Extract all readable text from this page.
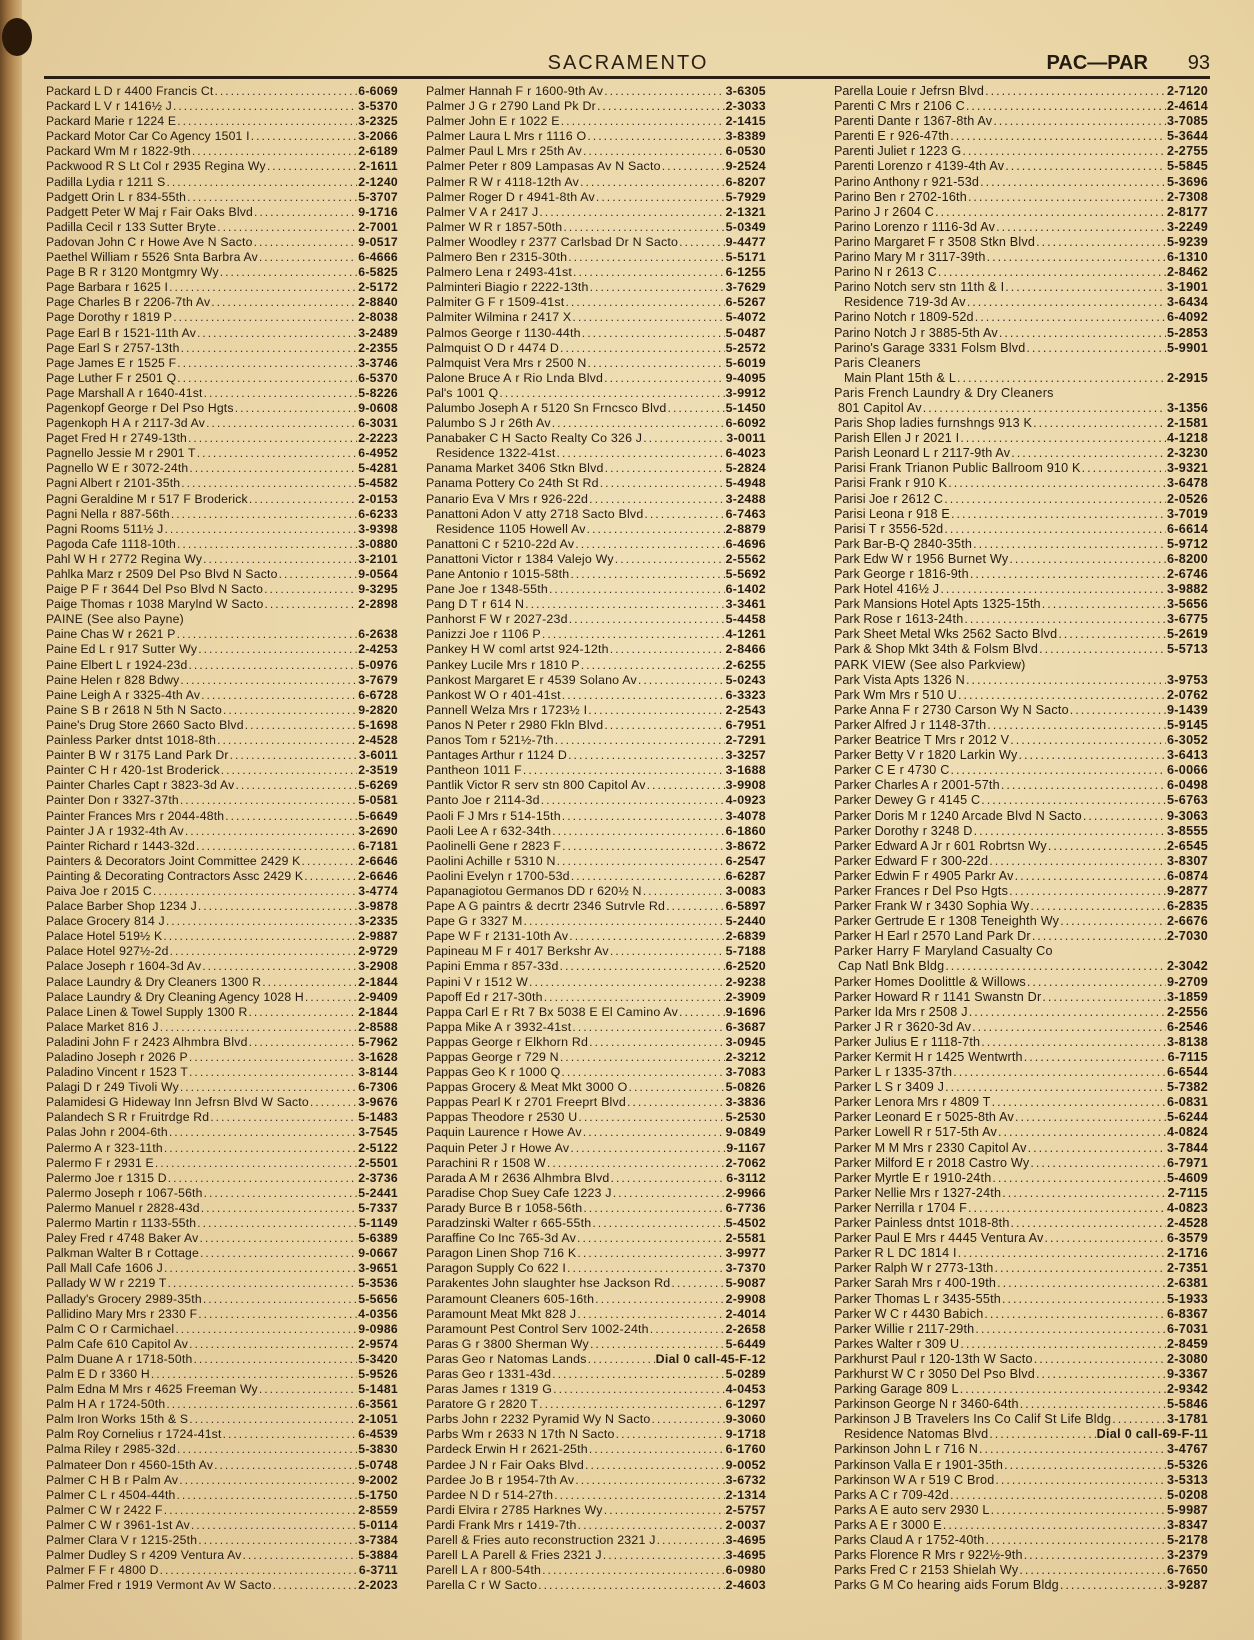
SACRAMENTO	PAC—PAR 93
Packard L D r 4400 Francis Ct .....	6-6069
Packard L V r 1416½ J .....	3-5370
Packard Marie r 1224 E .....	3-2325
Packard Motor Car Co Agency 1501 I .....	3-2066
Packard Wm M r 1822-9th .....	2-6189
Packwood R S Lt Col r 2935 Regina Wy .....	2-1611
Padilla Lydia r 1211 S .....	2-1240
Padgett Orin L r 834-55th .....	5-3707
Padgett Peter W Maj r Fair Oaks Blvd .....	9-1716
Padilla Cecil r 133 Sutter Bryte .....	2-7001
Padovan John C r Howe Ave N Sacto .....	9-0517
Paethel William r 5526 Snta Barbra Av .....	6-4666
Page B R r 3120 Montgmry Wy .....	6-5825
Page Barbara r 1625 I .....	2-5172
Page Charles B r 2206-7th Av .....	2-8840
Page Dorothy r 1819 P .....	2-8038
Page Earl B r 1521-11th Av .....	3-2489
Page Earl S r 2757-13th .....	2-2355
Page James E r 1525 F .....	3-3746
Page Luther F r 2501 Q .....	6-5370
Page Marshall A r 1640-41st .....	5-8226
Pagenkopf George r Del Pso Hgts .....	9-0608
Pagenkoph H A r 2117-3d Av .....	6-3031
Paget Fred H r 2749-13th .....	2-2223
Pagnello Jessie M r 2901 T .....	6-4952
Pagnello W E r 3072-24th .....	5-4281
Pagni Albert r 2101-35th .....	5-4582
Pagni Geraldine M r 517 F Broderick .....	2-0153
Pagni Nella r 887-56th .....	6-6233
Pagni Rooms 511½ J .....	3-9398
Pagoda Cafe 1118-10th .....	3-0880
Pahl W H r 2772 Regina Wy .....	3-2101
Pahlka Marz r 2509 Del Pso Blvd N Sacto .....	9-0564
Paige P F r 3644 Del Pso Blvd N Sacto .....	9-3295
Paige Thomas r 1038 Marylnd W Sacto .....	2-2898
PAINE (See also Payne)
Paine Chas W r 2621 P .....	6-2638
Paine Ed L r 917 Sutter Wy .....	2-4253
Paine Elbert L r 1924-23d .....	5-0976
Paine Helen r 828 Bdwy .....	3-7679
Paine Leigh A r 3325-4th Av .....	6-6728
Paine S B r 2618 N 5th N Sacto .....	9-2820
Paine's Drug Store 2660 Sacto Blvd .....	5-1698
Painless Parker dntst 1018-8th .....	2-4528
Painter B W r 3175 Land Park Dr .....	3-6011
Painter C H r 420-1st Broderick .....	2-3519
Painter Charles Capt r 3823-3d Av .....	5-6269
Painter Don r 3327-37th .....	5-0581
Painter Frances Mrs r 2044-48th .....	5-6649
Painter J A r 1932-4th Av .....	3-2690
Painter Richard r 1443-32d .....	6-7181
Painters & Decorators Joint Committee 2429 K .....	2-6646
Painting & Decorating Contractors Assc 2429 K .....	2-6646
Paiva Joe r 2015 C .....	3-4774
Palace Barber Shop 1234 J .....	3-9878
Palace Grocery 814 J .....	3-2335
Palace Hotel 519½ K .....	2-9887
Palace Hotel 927½-2d .....	2-9729
Palace Joseph r 1604-3d Av .....	3-2908
Palace Laundry & Dry Cleaners 1300 R .....	2-1844
Palace Laundry & Dry Cleaning Agency 1028 H .....	2-9409
Palace Linen & Towel Supply 1300 R .....	2-1844
Palace Market 816 J .....	2-8588
Paladini John F r 2423 Alhmbra Blvd .....	5-7962
Paladino Joseph r 2026 P .....	3-1628
Paladino Vincent r 1523 T .....	3-8144
Palagi D r 249 Tivoli Wy .....	6-7306
Palamidesi G Hideway Inn Jefrsn Blvd W Sacto .....	3-9676
Palandech S R r Fruitrdge Rd .....	5-1483
Palas John r 2004-6th .....	3-7545
Palermo A r 323-11th .....	2-5122
Palermo F r 2931 E .....	2-5501
Palermo Joe r 1315 D .....	2-3736
Palermo Joseph r 1067-56th .....	5-2441
Palermo Manuel r 2828-43d .....	5-7337
Palermo Martin r 1133-55th .....	5-1149
Paley Fred r 4748 Baker Av .....	5-6389
Palkman Walter B r Cottage .....	9-0667
Pall Mall Cafe 1606 J .....	3-9651
Pallady W W r 2219 T .....	5-3536
Pallady's Grocery 2989-35th .....	5-5656
Pallidino Mary Mrs r 2330 F .....	4-0356
Palm C O r Carmichael .....	9-0986
Palm Cafe 610 Capitol Av .....	2-9574
Palm Duane A r 1718-50th .....	5-3420
Palm E D r 3360 H .....	5-9526
Palm Edna M Mrs r 4625 Freeman Wy .....	5-1481
Palm H A r 1724-50th .....	6-3561
Palm Iron Works 15th & S .....	2-1051
Palm Roy Cornelius r 1724-41st .....	6-4539
Palma Riley r 2985-32d .....	5-3830
Palmateer Don r 4560-15th Av .....	5-0748
Palmer C H B r Palm Av .....	9-2002
Palmer C L r 4504-44th .....	5-1750
Palmer C W r 2422 F .....	2-8559
Palmer C W r 3961-1st Av .....	5-0114
Palmer Clara V r 1215-25th .....	3-7384
Palmer Dudley S r 4209 Ventura Av .....	5-3884
Palmer F F r 4800 D .....	6-3711
Palmer Fred r 1919 Vermont Av W Sacto .....	2-2023
Palmer Hannah F r 1600-9th Av .....	3-6305
Palmer J G r 2790 Land Pk Dr .....	2-3033
Palmer John E r 1022 E .....	2-1415
Palmer Laura L Mrs r 1116 O .....	3-8389
Palmer Paul L Mrs r 25th Av .....	6-0530
Palmer Peter r 809 Lampasas Av N Sacto .....	9-2524
Palmer R W r 4118-12th Av .....	6-8207
Palmer Roger D r 4941-8th Av .....	5-7929
Palmer V A r 2417 J .....	2-1321
Palmer W R r 1857-50th .....	5-0349
Palmer Woodley r 2377 Carlsbad Dr N Sacto .....	9-4477
Palmero Ben r 2315-30th .....	5-5171
Palmero Lena r 2493-41st .....	6-1255
Palminteri Biagio r 2222-13th .....	3-7629
Palmiter G F r 1509-41st .....	6-5267
Palmiter Wilmina r 2417 X .....	5-4072
Palmos George r 1130-44th .....	5-0487
Palmquist O D r 4474 D .....	5-2572
Palmquist Vera Mrs r 2500 N .....	5-6019
Palone Bruce A r Rio Lnda Blvd .....	9-4095
Pal's 1001 Q .....	3-9912
Palumbo Joseph A r 5120 Sn Frncsco Blvd .....	5-1450
Palumbo S J r 26th Av .....	6-6092
Panabaker C H Sacto Realty Co 326 J .....	3-0011
Residence 1322-41st .....	6-4023
Panama Market 3406 Stkn Blvd .....	5-2824
Panama Pottery Co 24th St Rd .....	5-4948
Panario Eva V Mrs r 926-22d .....	3-2488
Panattoni Adon V atty 2718 Sacto Blvd .....	6-7463
Residence 1105 Howell Av .....	2-8879
Panattoni C r 5210-22d Av .....	6-4696
Panattoni Victor r 1384 Valejo Wy .....	2-5562
Pane Antonio r 1015-58th .....	5-5692
Pane Joe r 1348-55th .....	6-1402
Pang D T r 614 N .....	3-3461
Panhorst F W r 2027-23d .....	5-4458
Panizzi Joe r 1106 P .....	4-1261
Pankey H W coml artst 924-12th .....	2-8466
Pankey Lucile Mrs r 1810 P .....	2-6255
Pankost Margaret E r 4539 Solano Av .....	5-0243
Pankost W O r 401-41st .....	6-3323
Pannell Welza Mrs r 1723½ I .....	2-2543
Panos N Peter r 2980 Fkln Blvd .....	6-7951
Panos Tom r 521½-7th .....	2-7291
Pantages Arthur r 1124 D .....	3-3257
Pantheon 1011 F .....	3-1688
Pantlik Victor R serv stn 800 Capitol Av .....	3-9908
Panto Joe r 2114-3d .....	4-0923
Paoli F J Mrs r 514-15th .....	3-4078
Paoli Lee A r 632-34th .....	6-1860
Paolinelli Gene r 2823 F .....	3-8672
Paolini Achille r 5310 N .....	6-2547
Paolini Evelyn r 1700-53d .....	6-6287
Papanagiotou Germanos DD r 620½ N .....	3-0083
Pape A G paintrs & decrtr 2346 Sutrvle Rd .....	6-5897
Pape G r 3327 M .....	5-2440
Pape W F r 2131-10th Av .....	2-6839
Papineau M F r 4017 Berkshr Av .....	5-7188
Papini Emma r 857-33d .....	6-2520
Papini V r 1512 W .....	2-9238
Papoff Ed r 217-30th .....	2-3909
Pappa Carl E r Rt 7 Bx 5038 E El Camino Av .....	9-1696
Pappa Mike A r 3932-41st .....	6-3687
Pappas George r Elkhorn Rd .....	3-0945
Pappas George r 729 N .....	2-3212
Pappas Geo K r 1000 Q .....	3-7083
Pappas Grocery & Meat Mkt 3000 O .....	5-0826
Pappas Pearl K r 2701 Freeprt Blvd .....	3-3836
Pappas Theodore r 2530 U .....	5-2530
Paquin Laurence r Howe Av .....	9-0849
Paquin Peter J r Howe Av .....	9-1167
Parachini R r 1508 W .....	2-7062
Parada A M r 2636 Alhmbra Blvd .....	6-3112
Paradise Chop Suey Cafe 1223 J .....	2-9966
Parady Burce B r 1058-56th .....	6-7736
Paradzinski Walter r 665-55th .....	5-4502
Paraffine Co Inc 765-3d Av .....	2-5581
Paragon Linen Shop 716 K .....	3-9977
Paragon Supply Co 622 I .....	3-7370
Parakentes John slaughter hse Jackson Rd .....	5-9087
Paramount Cleaners 605-16th .....	2-9908
Paramount Meat Mkt 828 J .....	2-4014
Paramount Pest Control Serv 1002-24th .....	2-2658
Paras G r 3800 Sherman Wy .....	5-6449
Paras Geo r Natomas Lands .....	Dial 0 call-45-F-12
Paras Geo r 1331-43d .....	5-0289
Paras James r 1319 G .....	4-0453
Paratore G r 2820 T .....	6-1297
Parbs John r 2232 Pyramid Wy N Sacto .....	9-3060
Parbs Wm r 2633 N 17th N Sacto .....	9-1718
Pardeck Erwin H r 2621-25th .....	6-1760
Pardee J N r Fair Oaks Blvd .....	9-0052
Pardee Jo B r 1954-7th Av .....	3-6732
Pardee N D r 514-27th .....	2-1314
Pardi Elvira r 2785 Harknes Wy .....	2-5757
Pardi Frank Mrs r 1419-7th .....	2-0037
Parell & Fries auto reconstruction 2321 J .....	3-4695
Parell L A Parell & Fries 2321 J .....	3-4695
Parell L A r 800-54th .....	6-0980
Parella C r W Sacto .....	2-4603
Parella Louie r Jefrsn Blvd .....	2-7120
Parenti C Mrs r 2106 C .....	2-4614
Parenti Dante r 1367-8th Av .....	3-7085
Parenti E r 926-47th .....	5-3644
Parenti Juliet r 1223 G .....	2-2755
Parenti Lorenzo r 4139-4th Av .....	5-5845
Parino Anthony r 921-53d .....	5-3696
Parino Ben r 2702-16th .....	2-7308
Parino J r 2604 C .....	2-8177
Parino Lorenzo r 1116-3d Av .....	3-2249
Parino Margaret F r 3508 Stkn Blvd .....	5-9239
Parino Mary M r 3117-39th .....	6-1310
Parino N r 2613 C .....	2-8462
Parino Notch serv stn 11th & I .....	3-1901
Residence 719-3d Av .....	3-6434
Parino Notch r 1809-52d .....	6-4092
Parino Notch J r 3885-5th Av .....	5-2853
Parino's Garage 3331 Folsm Blvd .....	5-9901
Paris Cleaners
Main Plant 15th & L .....	2-2915
Paris French Laundry & Dry Cleaners
801 Capitol Av .....	3-1356
Paris Shop ladies furnshngs 913 K .....	2-1581
Parish Ellen J r 2021 I .....	4-1218
Parish Leonard L r 2117-9th Av .....	2-3230
Parisi Frank Trianon Public Ballroom 910 K .....	3-9321
Parisi Frank r 910 K .....	3-6478
Parisi Joe r 2612 C .....	2-0526
Parisi Leona r 918 E .....	3-7019
Parisi T r 3556-52d .....	6-6614
Park Bar-B-Q 2840-35th .....	5-9712
Park Edw W r 1956 Burnet Wy .....	6-8200
Park George r 1816-9th .....	2-6746
Park Hotel 416½ J .....	3-9882
Park Mansions Hotel Apts 1325-15th .....	3-5656
Park Rose r 1613-24th .....	3-6775
Park Sheet Metal Wks 2562 Sacto Blvd .....	5-2619
Park & Shop Mkt 34th & Folsm Blvd .....	5-5713
PARK VIEW (See also Parkview)
Park Vista Apts 1326 N .....	3-9753
Park Wm Mrs r 510 U .....	2-0762
Parke Anna F r 2730 Carson Wy N Sacto .....	9-1439
Parker Alfred J r 1148-37th .....	5-9145
Parker Beatrice T Mrs r 2012 V .....	6-3052
Parker Betty V r 1820 Larkin Wy .....	3-6413
Parker C E r 4730 C .....	6-0066
Parker Charles A r 2001-57th .....	6-0498
Parker Dewey G r 4145 C .....	5-6763
Parker Doris M r 1240 Arcade Blvd N Sacto .....	9-3063
Parker Dorothy r 3248 D .....	3-8555
Parker Edward A Jr r 601 Robrtsn Wy .....	2-6545
Parker Edward F r 300-22d .....	3-8307
Parker Edwin F r 4905 Parkr Av .....	6-0874
Parker Frances r Del Pso Hgts .....	9-2877
Parker Frank W r 3430 Sophia Wy .....	6-2835
Parker Gertrude E r 1308 Teneighth Wy .....	2-6676
Parker H Earl r 2570 Land Park Dr .....	2-7030
Parker Harry F Maryland Casualty Co
Cap Natl Bnk Bldg .....	2-3042
Parker Homes Doolittle & Willows .....	9-2709
Parker Howard R r 1141 Swanstn Dr .....	3-1859
Parker Ida Mrs r 2508 J .....	2-2556
Parker J R r 3620-3d Av .....	6-2546
Parker Julius E r 1118-7th .....	3-8138
Parker Kermit H r 1425 Wentwrth .....	6-7115
Parker L r 1335-37th .....	6-6544
Parker L S r 3409 J .....	5-7382
Parker Lenora Mrs r 4809 T .....	6-0831
Parker Leonard E r 5025-8th Av .....	5-6244
Parker Lowell R r 517-5th Av .....	4-0824
Parker M M Mrs r 2330 Capitol Av .....	3-7844
Parker Milford E r 2018 Castro Wy .....	6-7971
Parker Myrtle E r 1910-24th .....	5-4609
Parker Nellie Mrs r 1327-24th .....	2-7115
Parker Nerrilla r 1704 F .....	4-0823
Parker Painless dntst 1018-8th .....	2-4528
Parker Paul E Mrs r 4445 Ventura Av .....	6-3579
Parker R L DC 1814 I .....	2-1716
Parker Ralph W r 2773-13th .....	2-7351
Parker Sarah Mrs r 400-19th .....	2-6381
Parker Thomas L r 3435-55th .....	5-1933
Parker W C r 4430 Babich .....	6-8367
Parker Willie r 2117-29th .....	6-7031
Parkes Walter r 309 U .....	2-8459
Parkhurst Paul r 120-13th W Sacto .....	2-3080
Parkhurst W C r 3050 Del Pso Blvd .....	9-3367
Parking Garage 809 L .....	2-9342
Parkinson George N r 3460-64th .....	5-5846
Parkinson J B Travelers Ins Co Calif St Life Bldg .....	3-1781
Residence Natomas Blvd .....	Dial 0 call-69-F-11
Parkinson John L r 716 N .....	3-4767
Parkinson Valla E r 1901-35th .....	5-5326
Parkinson W A r 519 C Brod .....	3-5313
Parks A C r 709-42d .....	5-0208
Parks A E auto serv 2930 L .....	5-9987
Parks A E r 3000 E .....	3-8347
Parks Claud A r 1752-40th .....	5-2178
Parks Florence R Mrs r 922½-9th .....	3-2379
Parks Fred C r 2153 Shielah Wy .....	6-7650
Parks G M Co hearing aids Forum Bldg .....	3-9287
